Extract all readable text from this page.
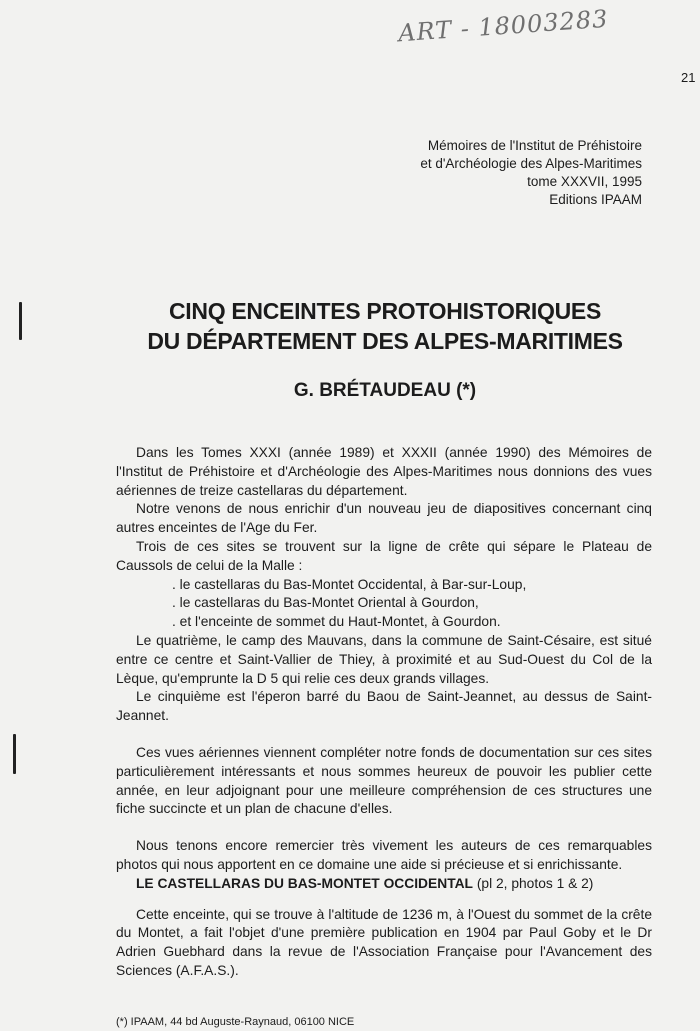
ART - 18003283
21
Mémoires de l'Institut de Préhistoire
et d'Archéologie des Alpes-Maritimes
tome XXXVII, 1995
Editions IPAAM
CINQ ENCEINTES PROTOHISTORIQUES
DU DÉPARTEMENT DES ALPES-MARITIMES
G. BRÉTAUDEAU (*)

Dans les Tomes XXXI (année 1989) et XXXII (année 1990) des Mémoires de l'Institut de Préhistoire et d'Archéologie des Alpes-Maritimes nous donnions des vues aériennes de treize castellaras du département.

Notre venons de nous enrichir d'un nouveau jeu de diapositives concernant cinq autres enceintes de l'Age du Fer.

Trois de ces sites se trouvent sur la ligne de crête qui sépare le Plateau de Caussols de celui de la Malle :

. le castellaras du Bas-Montet Occidental, à Bar-sur-Loup,
. le castellaras du Bas-Montet Oriental à Gourdon,
. et l'enceinte de sommet du Haut-Montet, à Gourdon.

Le quatrième, le camp des Mauvans, dans la commune de Saint-Césaire, est situé entre ce centre et Saint-Vallier de Thiey, à proximité et au Sud-Ouest du Col de la Lèque, qu'emprunte la D 5 qui relie ces deux grands villages.

Le cinquième est l'éperon barré du Baou de Saint-Jeannet, au dessus de Saint-Jeannet.

Ces vues aériennes viennent compléter notre fonds de documentation sur ces sites particulièrement intéressants et nous sommes heureux de pouvoir les publier cette année, en leur adjoignant pour une meilleure compréhension de ces structures une fiche succincte et un plan de chacune d'elles.

Nous tenons encore remercier très vivement les auteurs de ces remarquables photos qui nous apportent en ce domaine une aide si précieuse et si enrichissante.

LE CASTELLARAS DU BAS-MONTET OCCIDENTAL (pl 2, photos 1 & 2)

Cette enceinte, qui se trouve à l'altitude de 1236 m, à l'Ouest du sommet de la crête du Montet, a fait l'objet d'une première publication en 1904 par Paul Goby et le Dr Adrien Guebhard dans la revue de l'Association Française pour l'Avancement des Sciences (A.F.A.S.).

(*) IPAAM, 44 bd Auguste-Raynaud, 06100 NICE
